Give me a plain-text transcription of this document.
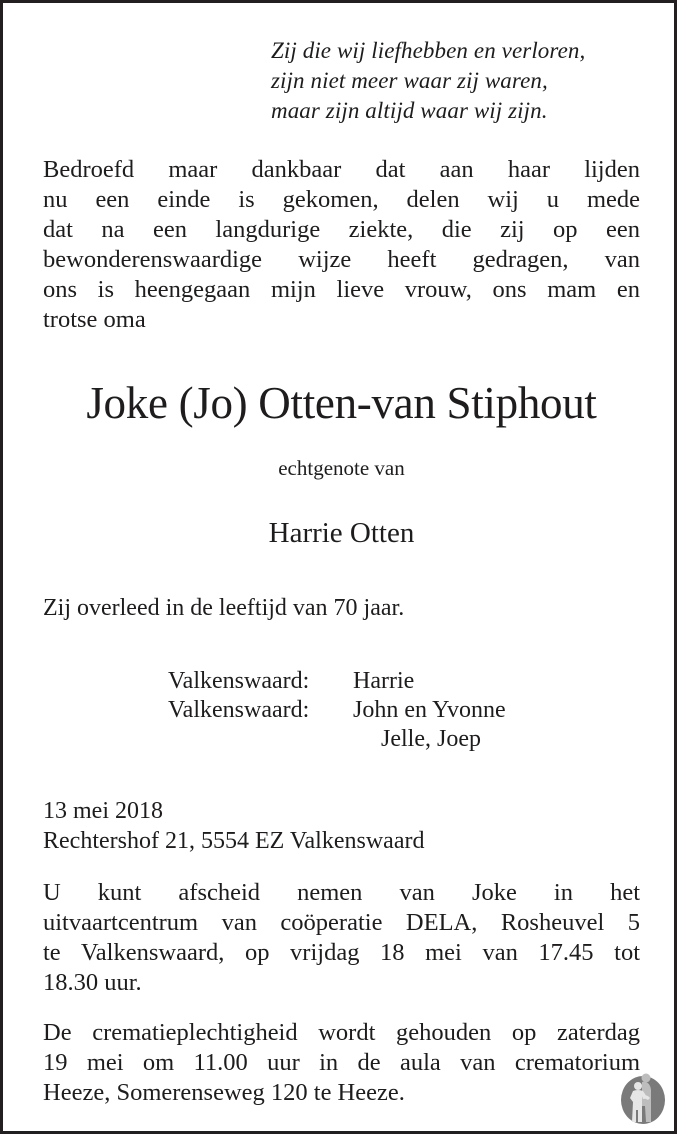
Zij die wij liefhebben en verloren,
zijn niet meer waar zij waren,
maar zijn altijd waar wij zijn.
Bedroefd maar dankbaar dat aan haar lijden
nu een einde is gekomen, delen wij u mede
dat na een langdurige ziekte, die zij op een
bewonderenswaardige wijze heeft gedragen, van
ons is heengegaan mijn lieve vrouw, ons mam en
trotse oma
Joke (Jo) Otten-van Stiphout
echtgenote van
Harrie Otten
Zij overleed in de leeftijd van 70 jaar.
Valkenswaard:	Harrie
Valkenswaard:	John en Yvonne
Jelle, Joep
13 mei 2018
Rechtershof 21, 5554 EZ Valkenswaard
U kunt afscheid nemen van Joke in het
uitvaartcentrum van coöperatie DELA, Rosheuvel 5
te Valkenswaard, op vrijdag 18 mei van 17.45 tot
18.30 uur.
De crematieplechtigheid wordt gehouden op zaterdag
19 mei om 11.00 uur in de aula van crematorium
Heeze, Somerenseweg 120 te Heeze.
